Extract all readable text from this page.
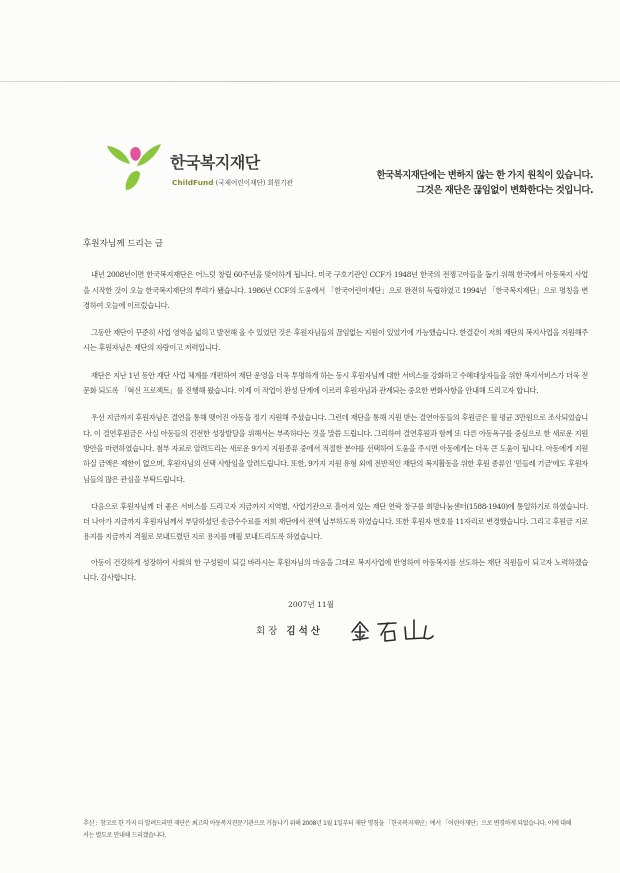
한국복지재단
ChildFund (국제어린이재단) 회원기관
한국복지재단에는 변하지 않는 한 가지 원칙이 있습니다.
그것은 재단은 끊임없이 변화한다는 것입니다.
후원자님께 드리는 글

내년 2008년이면 한국복지재단은 어느덧 창립 60주년을 맞이하게 됩니다. 미국 구호기관인 CCF가 1948년 한국의 전쟁고아들을 돕기 위해 한국에서 아동복지 사업을 시작한 것이 오늘 한국복지재단의 뿌리가 됐습니다. 1986년 CCF의 도움에서 「한국어린이재단」으로 완전히 독립하였고 1994년 「한국복지재단」으로 명칭을 변경하여 오늘에 이르렀습니다.

그동안 재단이 꾸준히 사업 영역을 넓히고 발전해 올 수 있었던 것은 후원자님들의 끊임없는 지원이 있었기에 가능했습니다. 한결같이 저희 재단의 복지사업을 지원해주시는 후원자님은 재단의 자랑이고 저력입니다.

재단은 지난 1년 동안 재단 사업 체계를 개편하여 재단 운영을 더욱 투명하게 하는 동시 후원자님께 대한 서비스를 강화하고 수혜대상자들을 위한 복지서비스가 더욱 전문화 되도록 「혁신 프로젝트」를 진행해 왔습니다. 이제 이 작업이 완성 단계에 이르러 후원자님과 관계되는 중요한 변화사항을 안내해 드리고자 합니다.

우선 지금까지 후원자님은 결연을 통해 맺어진 아동을 정기 지원해 주셨습니다. 그런데 재단을 통해 지원 받는 결연아동들의 후원금은 월 평균 3만원으로 조사되었습니다. 이 결연후원금은 사실 아동들의 건전한 성장발달을 위해서는 부족하다는 것을 말씀 드립니다. 그리하여 결연후원과 함께 또 다른 아동욕구를 중심으로 한 새로운 지원방안을 마련하였습니다. 첨부 자료로 알려드리는 새로운 9가지 지원종류 중에서 적절한 분야를 선택하여 도움을 주시면 아동에게는 더욱 큰 도움이 됩니다. 아동에게 지원하실 금액은 제한이 없으며, 후원자님의 선택 사항임을 알려드립니다. 또한, 9가지 지원 유형 외에 전반적인 재단의 복지활동을 위한 후원 종류인 '민들레 기금'에도 후원자님들의 많은 관심을 부탁드립니다.

다음으로 후원자님께 더 좋은 서비스를 드리고자 지금까지 지역별, 사업기관으로 흩어져 있는 재단 연락 창구를 희망나눔센터(1588-1940)에 통일하기로 하였습니다. 더 나아가 지금까지 후원자님께서 부담하셨던 송금수수료를 저희 재단에서 전액 납부하도록 하였습니다. 또한 후원자 번호를 11자리로 변경했습니다. 그리고 후원금 지로 용지를 지금까지 격월로 보내드렸던 지로 용지를 매월 보내드리도록 하였습니다.

아동이 건강하게 성장하여 사회의 한 구성원이 되길 바라시는 후원자님의 마음을 그대로 복지사업에 반영하여 아동복지를 선도하는 재단 직원들이 되고자 노력하겠습니다. 감사합니다.

2007년 11월
회장 김석산
추신 : 참고로 한 가지 더 알려드리면 재단은 최고의 아동복지전문기관으로 거듭나기 위해 2008년 1월 1일부터 재단 명칭을 「한국복지재단」에서 「어린이재단」으로 변경하게 되었습니다. 이에 대해서는 별도로 안내해 드리겠습니다.
